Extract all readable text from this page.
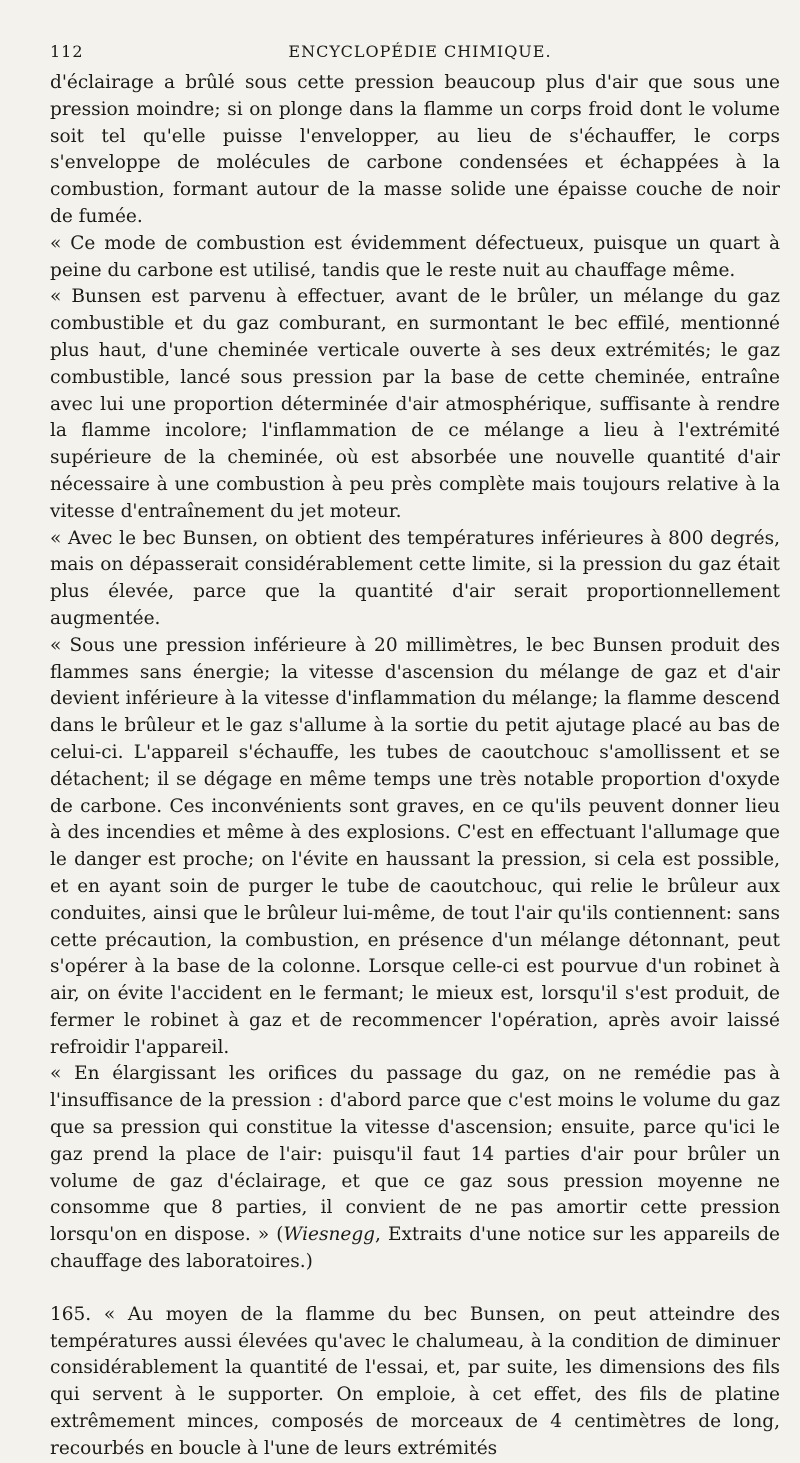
112	ENCYCLOPÉDIE CHIMIQUE.

d'éclairage a brûlé sous cette pression beaucoup plus d'air que sous une pression moindre; si on plonge dans la flamme un corps froid dont le volume soit tel qu'elle puisse l'envelopper, au lieu de s'échauffer, le corps s'enveloppe de molécules de carbone condensées et échappées à la combustion, formant autour de la masse solide une épaisse couche de noir de fumée.

« Ce mode de combustion est évidemment défectueux, puisque un quart à peine du carbone est utilisé, tandis que le reste nuit au chauffage même.

« Bunsen est parvenu à effectuer, avant de le brûler, un mélange du gaz combustible et du gaz comburant, en surmontant le bec effilé, mentionné plus haut, d'une cheminée verticale ouverte à ses deux extrémités; le gaz combustible, lancé sous pression par la base de cette cheminée, entraîne avec lui une proportion déterminée d'air atmosphérique, suffisante à rendre la flamme incolore; l'inflammation de ce mélange a lieu à l'extrémité supérieure de la cheminée, où est absorbée une nouvelle quantité d'air nécessaire à une combustion à peu près complète mais toujours relative à la vitesse d'entraînement du jet moteur.

« Avec le bec Bunsen, on obtient des températures inférieures à 800 degrés, mais on dépasserait considérablement cette limite, si la pression du gaz était plus élevée, parce que la quantité d'air serait proportionnellement augmentée.

« Sous une pression inférieure à 20 millimètres, le bec Bunsen produit des flammes sans énergie; la vitesse d'ascension du mélange de gaz et d'air devient inférieure à la vitesse d'inflammation du mélange; la flamme descend dans le brûleur et le gaz s'allume à la sortie du petit ajutage placé au bas de celui-ci. L'appareil s'échauffe, les tubes de caoutchouc s'amollissent et se détachent; il se dégage en même temps une très notable proportion d'oxyde de carbone. Ces inconvénients sont graves, en ce qu'ils peuvent donner lieu à des incendies et même à des explosions. C'est en effectuant l'allumage que le danger est proche; on l'évite en haussant la pression, si cela est possible, et en ayant soin de purger le tube de caoutchouc, qui relie le brûleur aux conduites, ainsi que le brûleur lui-même, de tout l'air qu'ils contiennent: sans cette précaution, la combustion, en présence d'un mélange détonnant, peut s'opérer à la base de la colonne. Lorsque celle-ci est pourvue d'un robinet à air, on évite l'accident en le fermant; le mieux est, lorsqu'il s'est produit, de fermer le robinet à gaz et de recommencer l'opération, après avoir laissé refroidir l'appareil.

« En élargissant les orifices du passage du gaz, on ne remédie pas à l'insuffisance de la pression : d'abord parce que c'est moins le volume du gaz que sa pression qui constitue la vitesse d'ascension; ensuite, parce qu'ici le gaz prend la place de l'air: puisqu'il faut 14 parties d'air pour brûler un volume de gaz d'éclairage, et que ce gaz sous pression moyenne ne consomme que 8 parties, il convient de ne pas amortir cette pression lorsqu'on en dispose. » (Wiesnegg, Extraits d'une notice sur les appareils de chauffage des laboratoires.)

165. « Au moyen de la flamme du bec Bunsen, on peut atteindre des températures aussi élevées qu'avec le chalumeau, à la condition de diminuer considérablement la quantité de l'essai, et, par suite, les dimensions des fils qui servent à le supporter. On emploie, à cet effet, des fils de platine extrêmement minces, composés de morceaux de 4 centimètres de long, recourbés en boucle à l'une de leurs extrémités
